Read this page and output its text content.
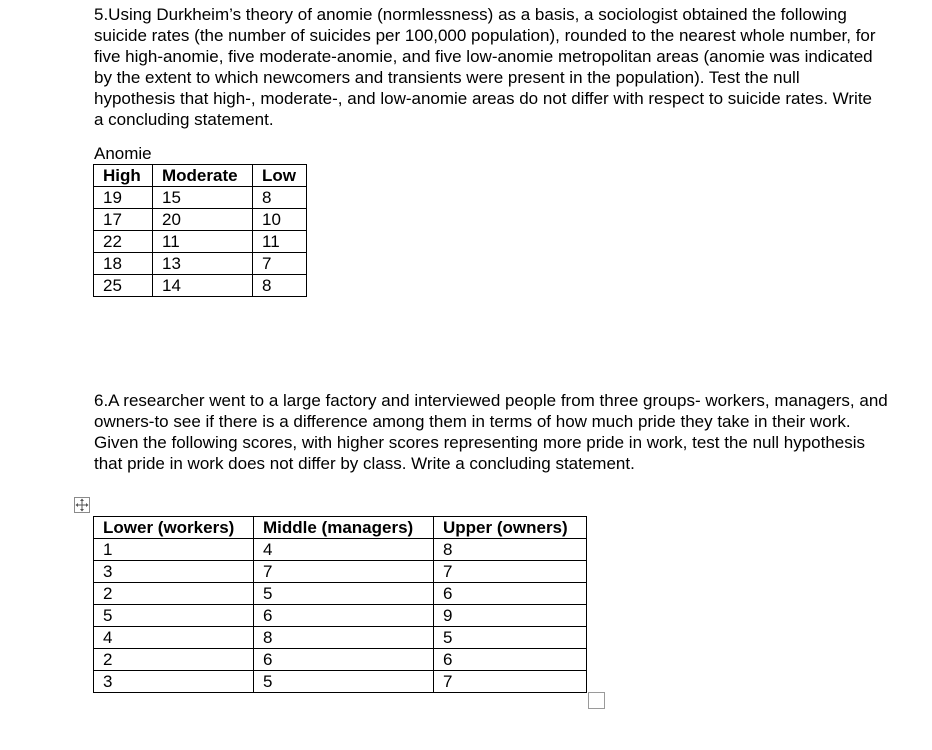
5.Using Durkheim’s theory of anomie (normlessness) as a basis, a sociologist obtained the following suicide rates (the number of suicides per 100,000 population), rounded to the nearest whole number, for five high-anomie, five moderate-anomie, and five low-anomie metropolitan areas (anomie was indicated by the extent to which newcomers and transients were present in the population). Test the null hypothesis that high-, moderate-, and low-anomie areas do not differ with respect to suicide rates. Write a concluding statement.

Anomie
High	Moderate	Low
19	15	8
17	20	10
22	11	11
18	13	7
25	14	8

6.A researcher went to a large factory and interviewed people from three groups- workers, managers, and owners-to see if there is a difference among them in terms of how much pride they take in their work. Given the following scores, with higher scores representing more pride in work, test the null hypothesis that pride in work does not differ by class. Write a concluding statement.

Lower (workers)	Middle (managers)	Upper (owners)
1	4	8
3	7	7
2	5	6
5	6	9
4	8	5
2	6	6
3	5	7
